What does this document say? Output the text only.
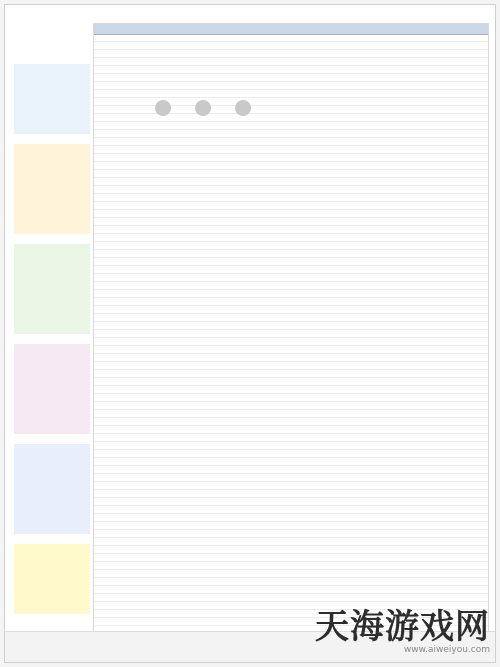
天海游戏网
www.aiweiyou.com
